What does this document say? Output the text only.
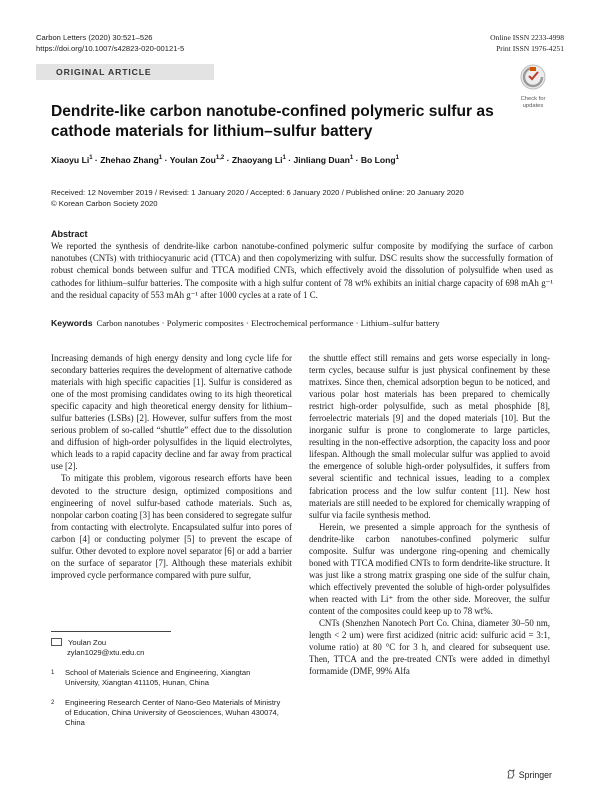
Carbon Letters (2020) 30:521–526
https://doi.org/10.1007/s42823-020-00121-5
Online ISSN 2233-4998
Print ISSN 1976-4251
ORIGINAL ARTICLE
Check for
updates
Dendrite-like carbon nanotube-confined polymeric sulfur as cathode materials for lithium–sulfur battery
Xiaoyu $Li^1$ · Zhehao Zhang$^1$ · Youlan Zou$^{1,2}$ · Zhaoyang $Li^1$ · Jinliang Duan$^1$ · Bo Long$^1$
Received: 12 November 2019 / Revised: 1 January 2020 / Accepted: 6 January 2020 / Published online: 20 January 2020
© Korean Carbon Society 2020
Abstract

We reported the synthesis of dendrite-like carbon nanotube-confined polymeric sulfur composite by modifying the surface of carbon nanotubes (CNTs) with trithiocyanuric acid (TTCA) and then copolymerizing with sulfur. DSC results show the successfully formation of robust chemical bonds between sulfur and TTCA modified CNTs, which effectively avoid the dissolution of polysulfide when used as cathodes for lithium–sulfur batteries. The composite with a high sulfur content of 78 wt% exhibits an initial charge capacity of 698 mAh g⁻¹ and the residual capacity of 553 mAh g⁻¹ after 1000 cycles at a rate of 1 C.

Keywords Carbon nanotubes · Polymeric composites · Electrochemical performance · Lithium–sulfur battery

Increasing demands of high energy density and long cycle life for secondary batteries requires the development of alternative cathode materials with high specific capacities [1]. Sulfur is considered as one of the most promising candidates owing to its high theoretical specific capacity and high theoretical energy density for lithium–sulfur batteries (LSBs) [2]. However, sulfur suffers from the most serious problem of so-called “shuttle” effect due to the dissolution and diffusion of high-order polysulfides in the liquid electrolytes, which leads to a rapid capacity decline and far away from practical use [2].

To mitigate this problem, vigorous research efforts have been devoted to the structure design, optimized compositions and engineering of novel sulfur-based cathode materials. Such as, nonpolar carbon coating [3] has been considered to segregate sulfur from contacting with electrolyte. Encapsulated sulfur into pores of carbon [4] or conducting polymer [5] to prevent the escape of sulfur. Other devoted to explore novel separator [6] or add a barrier on the surface of separator [7]. Although these materials exhibit improved cycle performance compared with pure sulfur,

the shuttle effect still remains and gets worse especially in long-term cycles, because sulfur is just physical confinement by these matrixes. Since then, chemical adsorption begun to be noticed, and various polar host materials has been prepared to chemically restrict high-order polysulfide, such as metal phosphide [8], ferroelectric materials [9] and the doped materials [10]. But the inorganic sulfur is prone to conglomerate to large particles, resulting in the non-effective adsorption, the capacity loss and poor lifespan. Although the small molecular sulfur was applied to avoid the emergence of soluble high-order polysulfides, it suffers from several scientific and technical issues, leading to a complex fabrication process and the low sulfur content [11]. New host materials are still needed to be explored for chemically wrapping of sulfur via facile synthesis method.

Herein, we presented a simple approach for the synthesis of dendrite-like carbon nanotubes-confined polymeric sulfur composite. Sulfur was undergone ring-opening and chemically boned with TTCA modified CNTs to form dendrite-like structure. It was just like a strong matrix grasping one side of the sulfur chain, which effectively prevented the soluble of high-order polysulfides when reacted with Li⁺ from the other side. Moreover, the sulfur content of the composites could keep up to 78 wt%.

CNTs (Shenzhen Nanotech Port Co. China, diameter 30–50 nm, length < 2 um) were first acidized (nitric acid: sulfuric acid = 3:1, volume ratio) at 80 °C for 3 h, and cleared for subsequent use. Then, TTCA and the pre-treated CNTs were added in dimethyl formamide (DMF, 99% Alfa

Youlan Zou
zylan1029@xtu.edu.cn
1 School of Materials Science and Engineering, Xiangtan University, Xiangtan 411105, Hunan, China
2 Engineering Research Center of Nano-Geo Materials of Ministry of Education, China University of Geosciences, Wuhan 430074, China
Springer
